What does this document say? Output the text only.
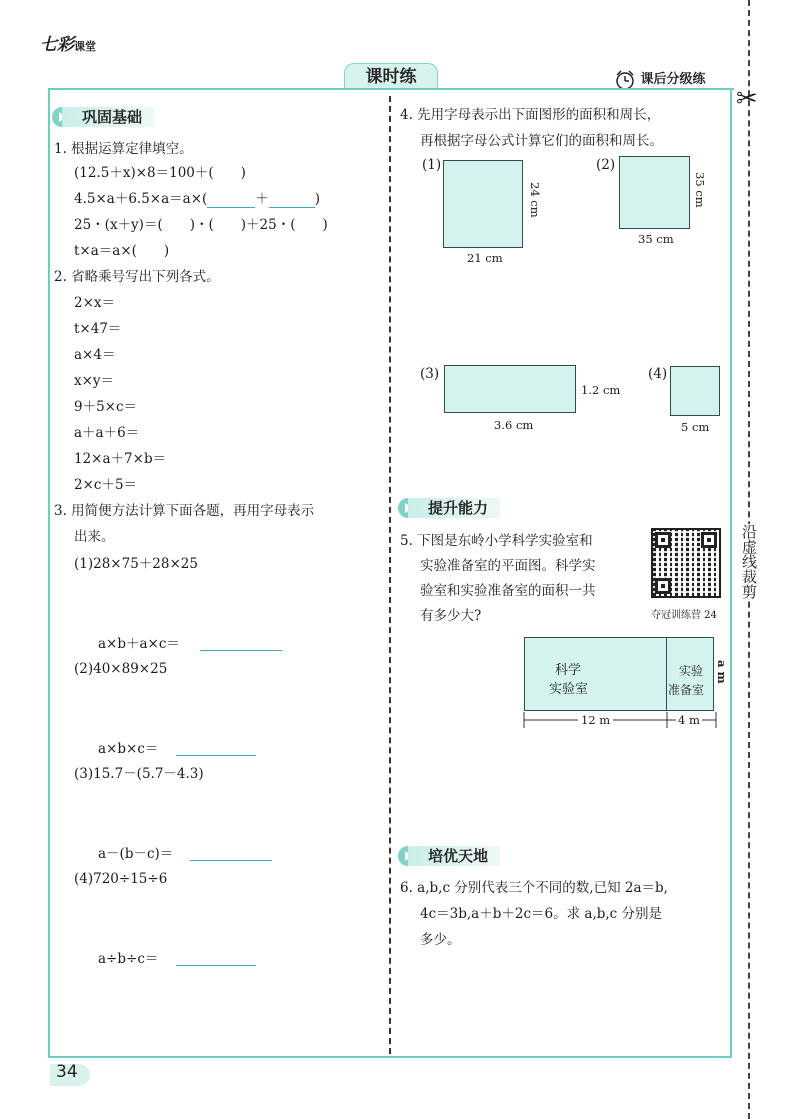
七彩课堂
课时练	课后分级练
✂
沿虚线裁剪
巩固基础
1. 根据运算定律填空。
(12.5＋x)×8＝100＋(　　)
4.5×a＋6.5×a＝a×(	＋	)
25・(x＋y)＝(　　)・(　　)＋25・(　　)
t×a＝a×(　　)
2. 省略乘号写出下列各式。
2×x＝
t×47＝
a×4＝
x×y＝
9＋5×c＝
a＋a＋6＝
12×a＋7×b＝
2×c＋5＝
3. 用简便方法计算下面各题，再用字母表示
出来。
(1)28×75＋28×25
a×b＋a×c＝
(2)40×89×25
a×b×c＝
(3)15.7－(5.7－4.3)
a－(b－c)＝
(4)720÷15÷6
a÷b÷c＝
4. 先用字母表示出下面图形的面积和周长，
再根据字母公式计算它们的面积和周长。
(1)
24 cm
21 cm
(2)
35 cm
35 cm
(3)
1.2 cm
3.6 cm
(4)
5 cm
提升能力
5. 下图是东岭小学科学实验室和
实验准备室的平面图。科学实
验室和实验准备室的面积一共
有多少大?	夺冠训练营 24
科学
实验室
实验
准备室
a m
12 m	4 m
培优天地
6. a,b,c 分别代表三个不同的数,已知 2a＝b,
4c＝3b,a＋b＋2c＝6。求 a,b,c 分别是
多少。
34
